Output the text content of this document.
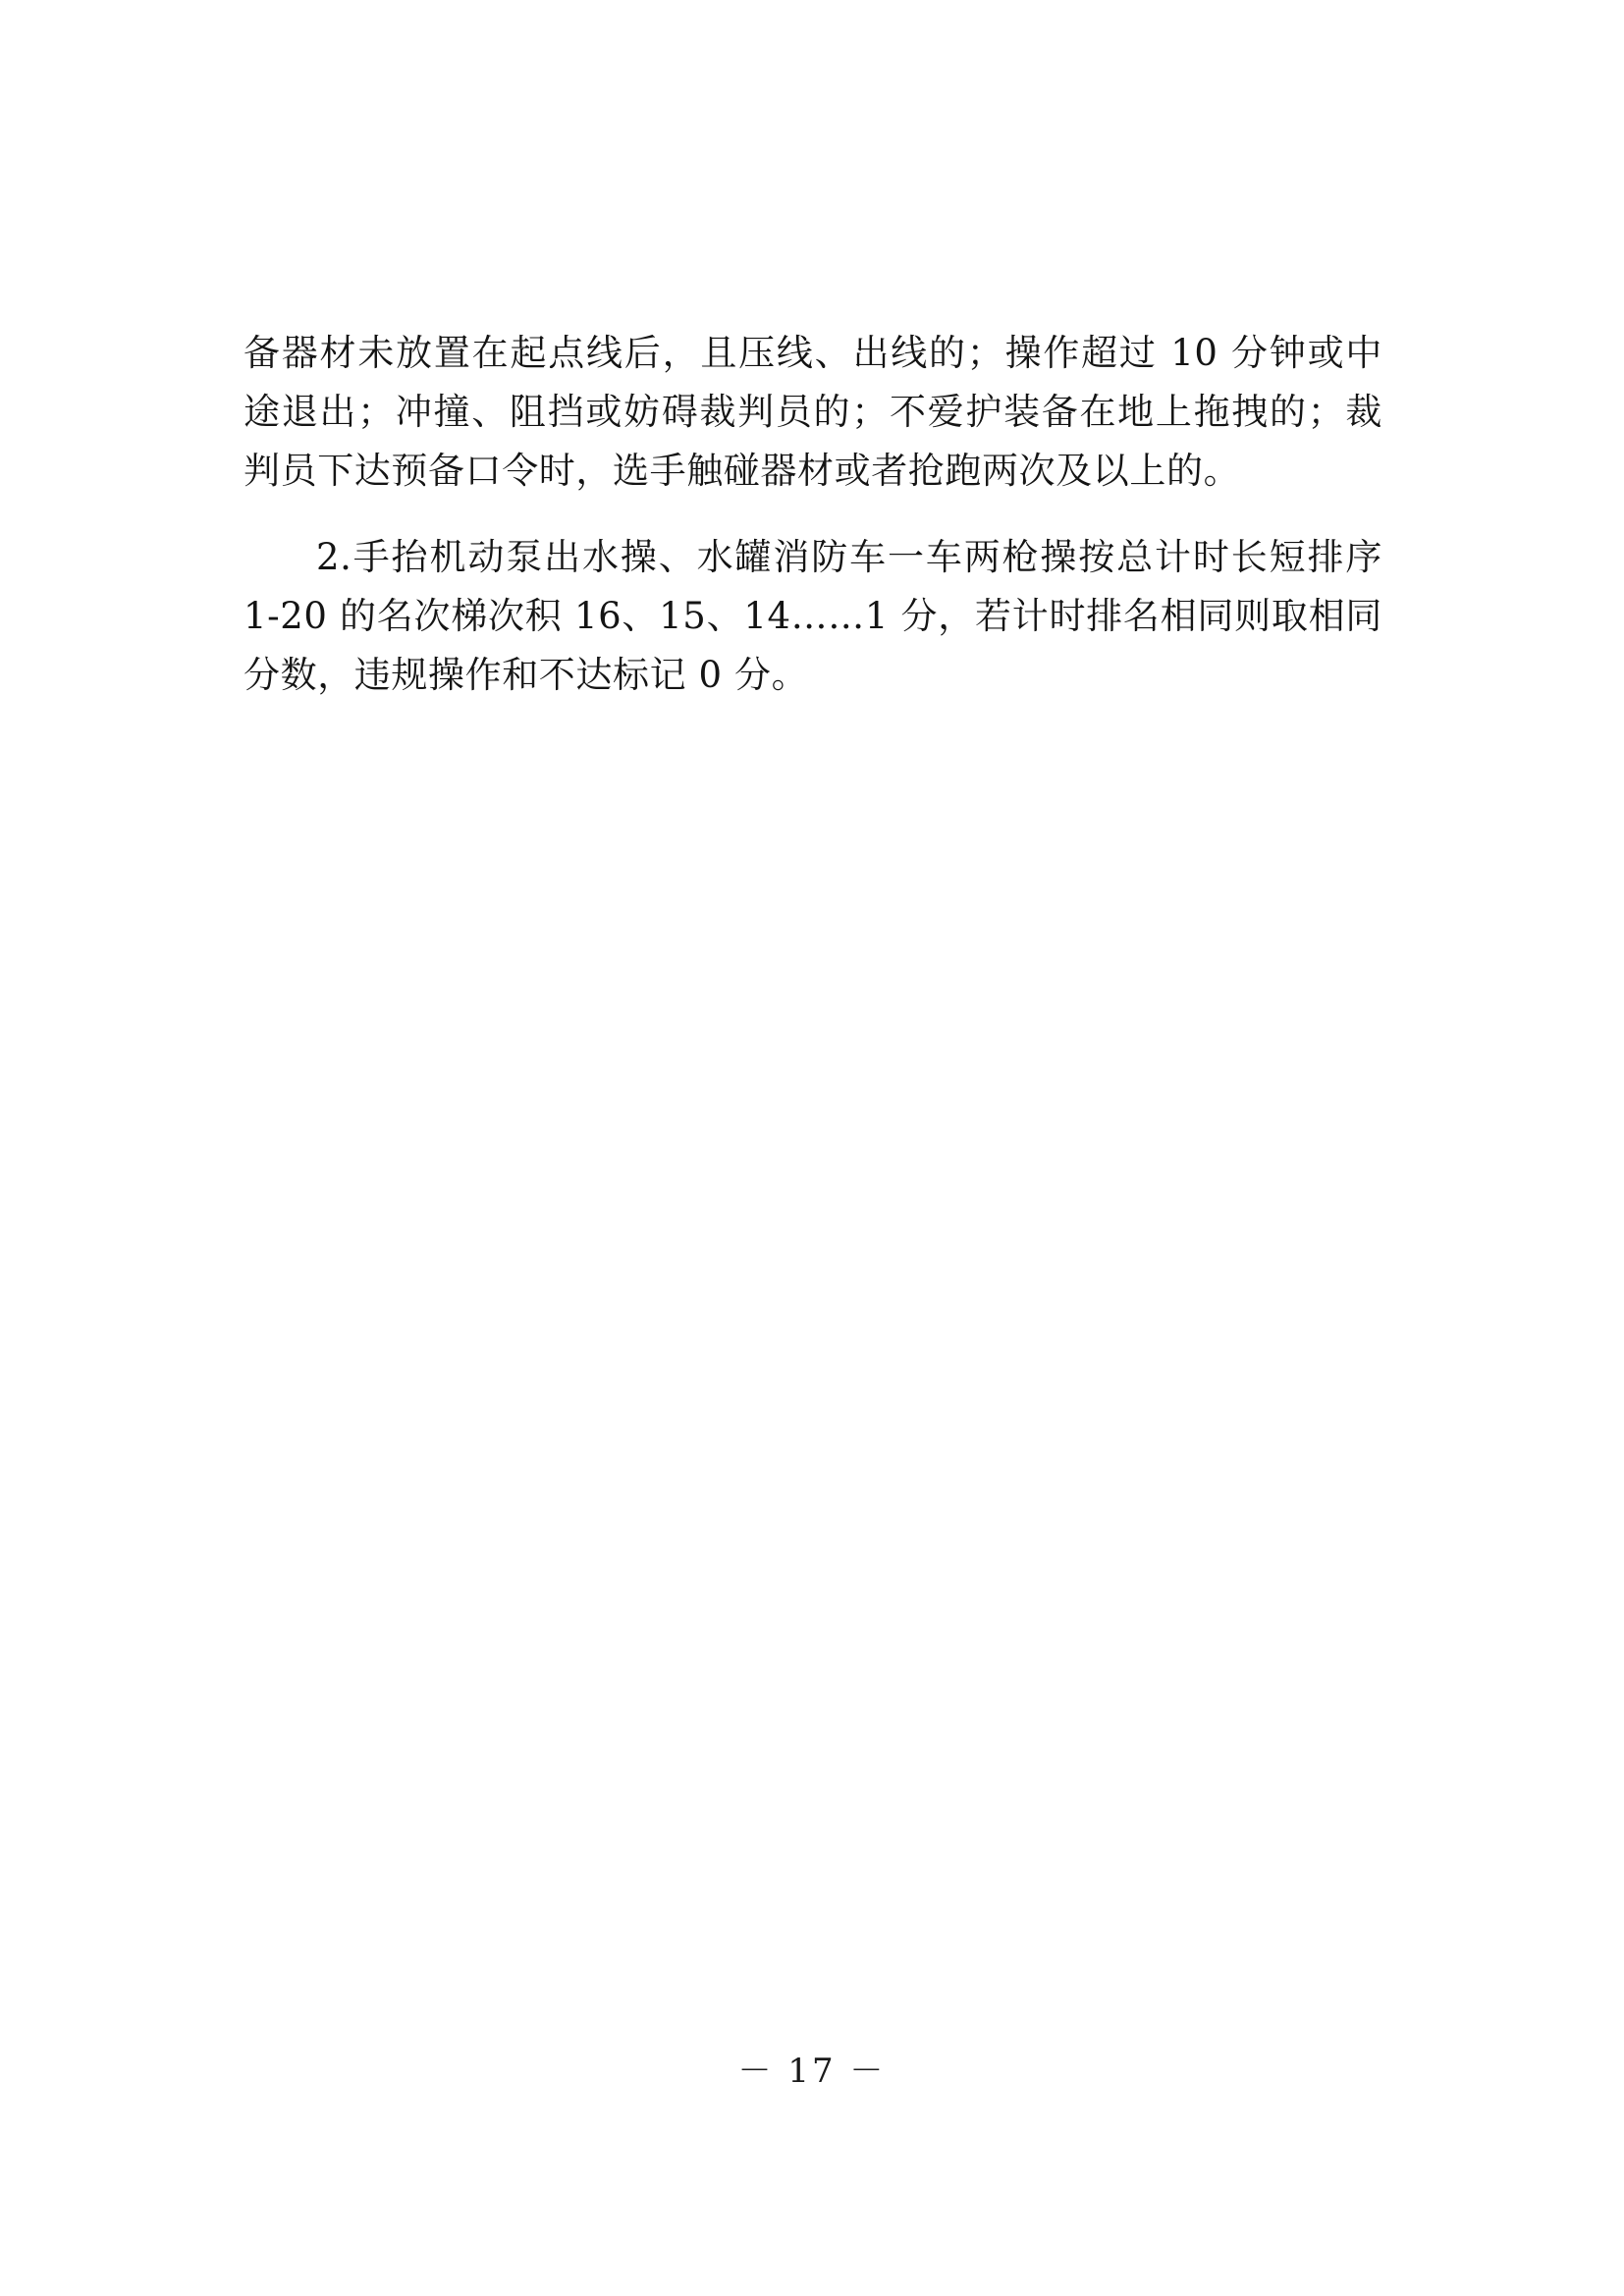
备器材未放置在起点线后，且压线、出线的；操作超过 10 分钟或中途退出；冲撞、阻挡或妨碍裁判员的；不爱护装备在地上拖拽的；裁判员下达预备口令时，选手触碰器材或者抢跑两次及以上的。

2.手抬机动泵出水操、水罐消防车一车两枪操按总计时长短排序 1-20 的名次梯次积 16、15、14……1 分，若计时排名相同则取相同分数，违规操作和不达标记 0 分。

－ 17 －
